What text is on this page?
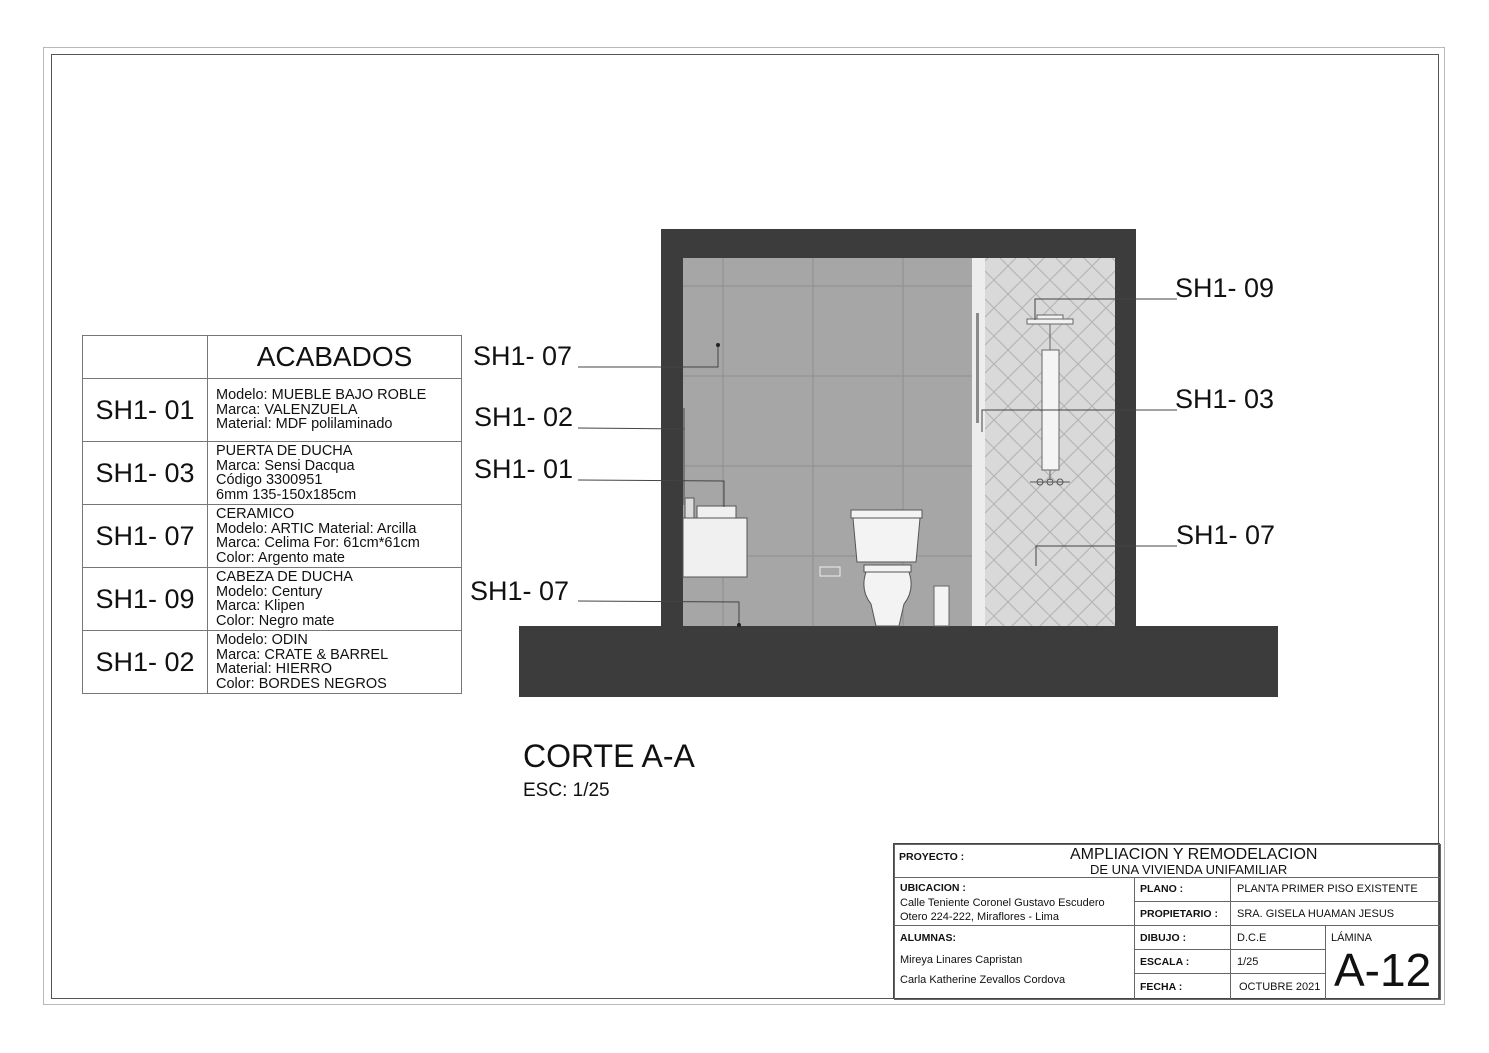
	ACABADOS
SH1- 01	Modelo: MUEBLE BAJO ROBLE
Marca: VALENZUELA
Material: MDF polilaminado

SH1- 03	PUERTA DE DUCHA
Marca: Sensi Dacqua
Código 3300951
6mm 135-150x185cm

SH1- 07	CERAMICO
Modelo: ARTIC Material: Arcilla
Marca: Celima For: 61cm*61cm
Color: Argento mate

SH1- 09	CABEZA DE DUCHA
Modelo: Century
Marca: Klipen
Color: Negro mate

SH1- 02	Modelo: ODIN
Marca: CRATE & BARREL
Material: HIERRO
Color: BORDES NEGROS
SH1- 07
SH1- 02
SH1- 01
SH1- 07
SH1- 09
SH1- 03
SH1- 07
CORTE A-A
ESC: 1/25
PROYECTO :	AMPLIACION Y REMODELACION
DE UNA VIVIENDA UNIFAMILIAR
UBICACION :
Calle Teniente Coronel Gustavo Escudero
Otero 224-222, Miraflores - Lima
PLANO :	PLANTA PRIMER PISO EXISTENTE
PROPIETARIO : SRA. GISELA HUAMAN JESUS
ALUMNAS:
Mireya Linares Capristan
Carla Katherine Zevallos Cordova
DIBUJO :	D.C.E
ESCALA :	1/25
FECHA :	OCTUBRE 2021
LÁMINA
A-12
